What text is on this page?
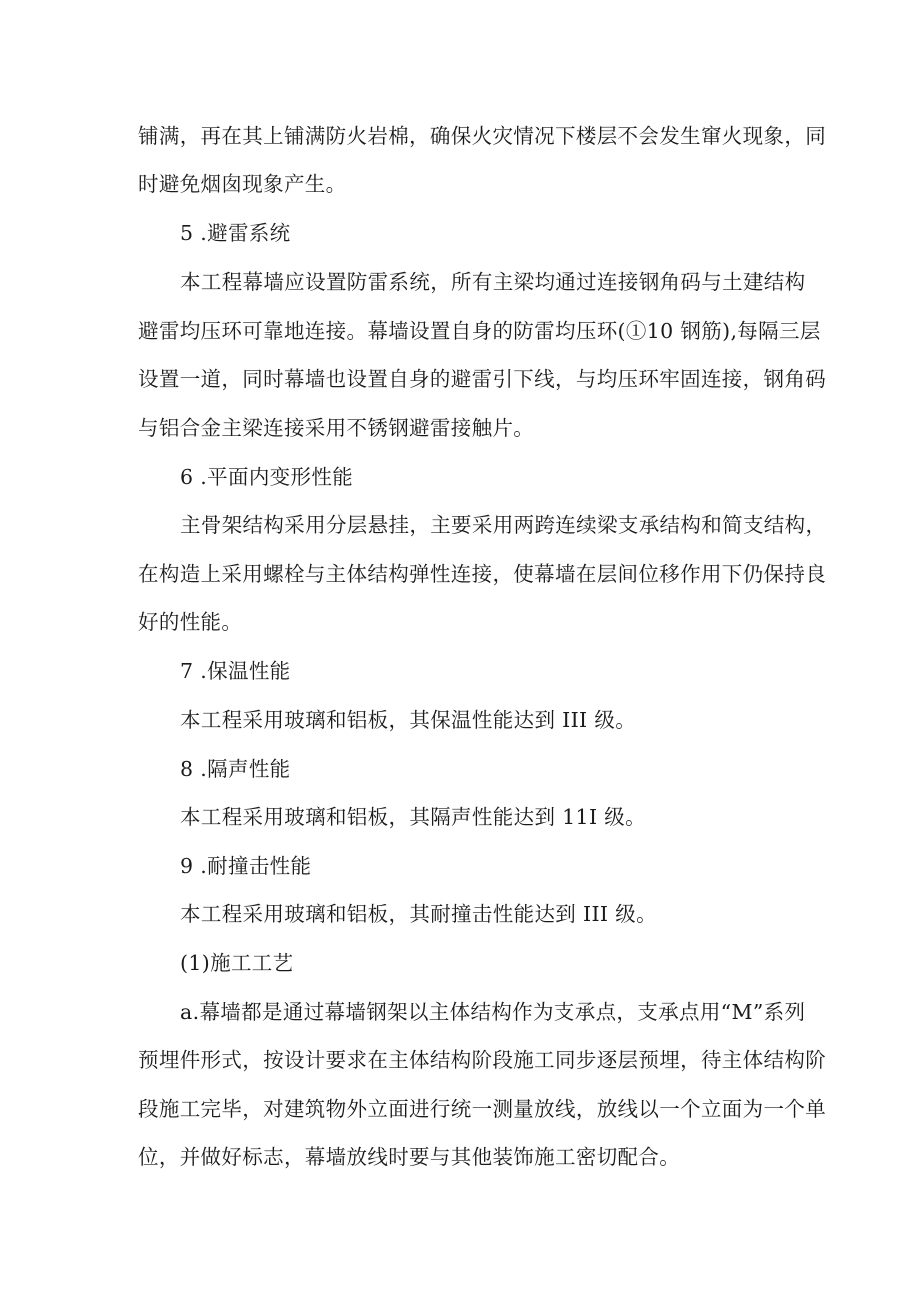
铺满，再在其上铺满防火岩棉，确保火灾情况下楼层不会发生窜火现象，同
时避免烟囱现象产生。
5 .避雷系统
本工程幕墙应设置防雷系统，所有主梁均通过连接钢角码与土建结构
避雷均压环可靠地连接。幕墙设置自身的防雷均压环(①10 钢筋),每隔三层
设置一道，同时幕墙也设置自身的避雷引下线，与均压环牢固连接，钢角码
与铝合金主梁连接采用不锈钢避雷接触片。
6 .平面内变形性能
主骨架结构采用分层悬挂，主要采用两跨连续梁支承结构和简支结构，
在构造上采用螺栓与主体结构弹性连接，使幕墙在层间位移作用下仍保持良
好的性能。
7 .保温性能
本工程采用玻璃和铝板，其保温性能达到 III 级。
8 .隔声性能
本工程采用玻璃和铝板，其隔声性能达到 11I 级。
9 .耐撞击性能
本工程采用玻璃和铝板，其耐撞击性能达到 III 级。
(1)施工工艺
a.幕墙都是通过幕墙钢架以主体结构作为支承点，支承点用“M”系列
预埋件形式，按设计要求在主体结构阶段施工同步逐层预埋，待主体结构阶
段施工完毕，对建筑物外立面进行统一测量放线，放线以一个立面为一个单
位，并做好标志，幕墙放线时要与其他装饰施工密切配合。
